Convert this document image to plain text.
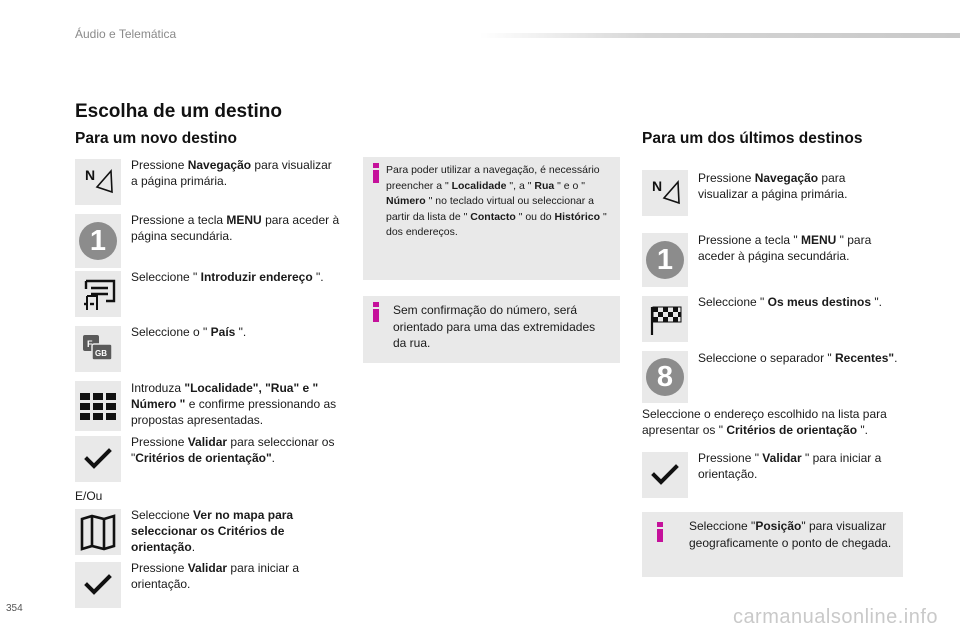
Áudio e Telemática
Escolha de um destino
Para um novo destino
N
Pressione Navegação para visualizar a página primária.
1
Pressione a tecla MENU para aceder à página secundária.
Seleccione " Introduzir endereço ".
F
GB
Seleccione o " País ".
Introduza "Localidade", "Rua" e " Número " e confirme pressionando as propostas apresentadas.
Pressione Validar para seleccionar os "Critérios de orientação".
E/Ou
Seleccione Ver no mapa para seleccionar os Critérios de orientação.
Pressione Validar para iniciar a orientação.
Para poder utilizar a navegação, é necessário preencher a " Localidade ", a " Rua " e o " Número " no teclado virtual ou seleccionar a partir da lista de " Contacto " ou do Histórico " dos endereços.
Sem confirmação do número, será orientado para uma das extremidades da rua.
Para um dos últimos destinos
N	Pressione Navegação para visualizar a página primária.
1
Pressione a tecla " MENU " para aceder à página secundária.
Seleccione " Os meus destinos ".
8
Seleccione o separador " Recentes".
Seleccione o endereço escolhido na lista para apresentar os " Critérios de orientação ".
Pressione " Validar " para iniciar a orientação.
Seleccione "Posição" para visualizar geograficamente o ponto de chegada.
354	carmanualsonline.info
